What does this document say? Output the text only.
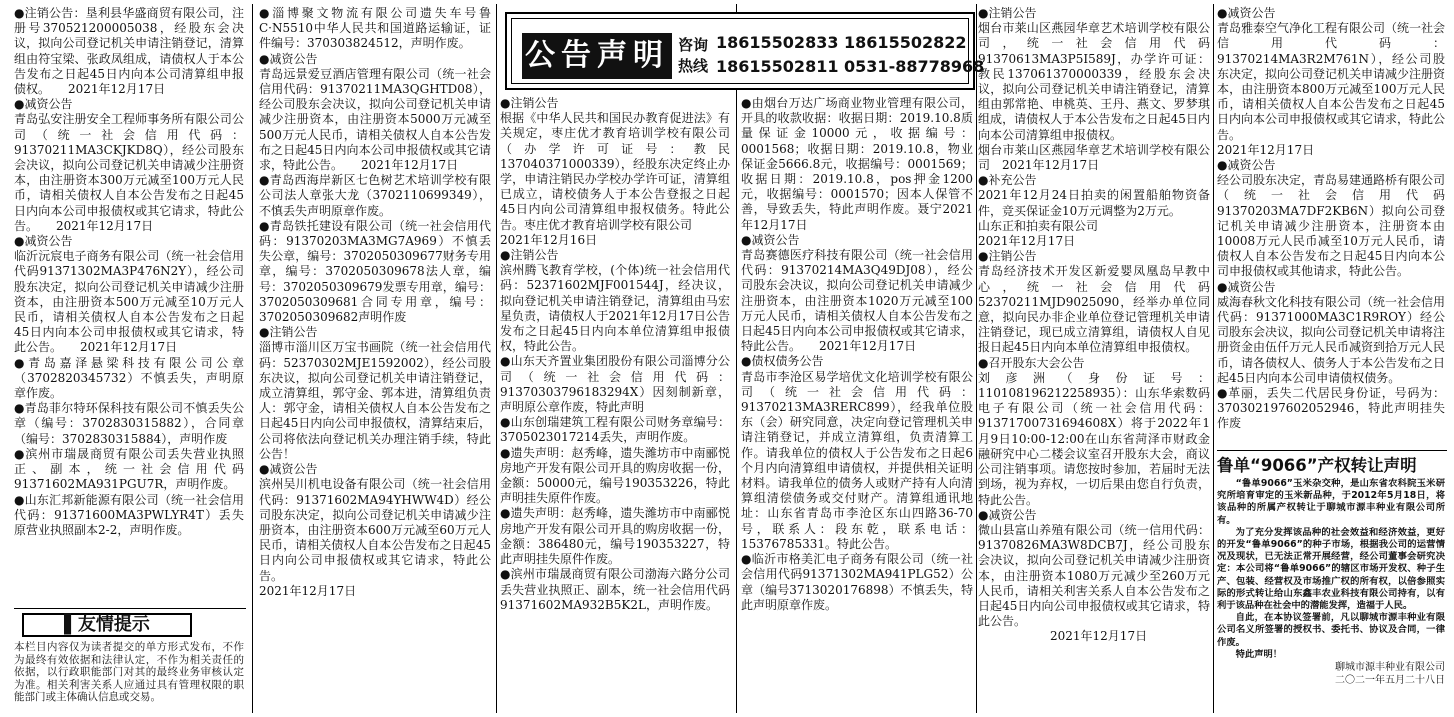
公告声明 咨询热线
18615502833 18615502822
18615502811 0531-88778968

●注销公告：垦利县华盛商贸有限公司，注册号370521200005038，经股东会决议，拟向公司登记机关申请注销登记，清算组由符宝梁、张政凤组成，请债权人于本公告发布之日起45日内向本公司清算组申报债权。　　2021年12月17日

●减资公告

青岛弘安注册安全工程师事务所有限公司公司（统一社会信用代码：91370211MA3CKJKD8Q），经公司股东会决议，拟向公司登记机关申请减少注册资本，由注册资本300万元减至100万元人民币，请相关债权人自本公告发布之日起45日内向本公司申报债权或其它请求，特此公告。　　2021年12月17日

●减资公告

临沂沅宸电子商务有限公司（统一社会信用代码91371302MA3P476N2Y），经公司股东决定，拟向公司登记机关申请减少注册资本，由注册资本500万元减至10万元人民币，请相关债权人自本公告发布之日起45日内向本公司申报债权或其它请求，特此公告。　　2021年12月17日

●青岛嘉泽悬梁科技有限公司公章（3702820345732）不慎丢失，声明原章作废。

●青岛菲尔特环保科技有限公司不慎丢失公章（编号：3702830315882），合同章（编号：3702830315884），声明作废

●滨州市瑞晟商贸有限公司丢失营业执照正、副本，统一社会信用代码91371602MA931PGU7R，声明作废。

●山东汇邦新能源有限公司（统一社会信用代码：91371600MA3PWLYR4T）丢失原营业执照副本2-2，声明作废。

●淄博聚文物流有限公司遗失车号鲁C·N5510中华人民共和国道路运输证，证件编号：370303824512，声明作废。

●减资公告

青岛远景爱豆酒店管理有限公司（统一社会信用代码：91370211MA3QGHTD08），经公司股东会决议，拟向公司登记机关申请减少注册资本，由注册资本5000万元减至500万元人民币，请相关债权人自本公告发布之日起45日内向本公司申报债权或其它请求，特此公告。　　2021年12月17日

●青岛西海岸新区七色树艺术培训学校有限公司法人章张大龙（3702110699349），不慎丢失声明原章作废。

●青岛铁托建设有限公司（统一社会信用代码：91370203MA3MG7A969）不慎丢失公章，编号：3702050309677财务专用章，编号：3702050309678法人章，编号：3702050309679发票专用章，编号：3702050309681合同专用章，编号：3702050309682声明作废

●注销公告

淄博市淄川区万宝书画院（统一社会信用代码：52370302MJE1592002），经公司股东决议，拟向公司登记机关申请注销登记，成立清算组，郭守金、郭本进，清算组负责人：郭守金，请相关债权人自本公告发布之日起45日内向公司申报债权，清算结束后，公司将依法向登记机关办理注销手续，特此公告！

●减资公告

滨州吴川机电设备有限公司（统一社会信用代码：91371602MA94YHWW4D）经公司股东决定，拟向公司登记机关申请减少注册资本，由注册资本600万元减至60万元人民币，请相关债权人自本公告发布之日起45日内向公司申报债权或其它请求，特此公告。

2021年12月17日

●注销公告

根据《中华人民共和国民办教育促进法》有关规定，枣庄优才教育培训学校有限公司（办学许可证号：教民137040371000339），经股东决定终止办学，申请注销民办学校办学许可证，清算组已成立，请校债务人于本公告登报之日起45日内向公司清算组申报权债务。特此公告。枣庄优才教育培训学校有限公司

2021年12月16日

●注销公告

滨州腾飞教育学校，(个体)统一社会信用代码：52371602MJF001544J，经决议，拟向登记机关申请注销登记，清算组由马宏星负责，请债权人于2021年12月17日公告发布之日起45日内向本单位清算组申报债权，特此公告。

●山东天齐置业集团股份有限公司淄博分公司（统一社会信用代码：91370303796183294X）因刻制新章，声明原公章作废，特此声明

●山东创瑞建筑工程有限公司财务章编号：3705023017214丢失，声明作废。

●遗失声明：赵秀峰，遗失潍坊市中南郦悦房地产开发有限公司开具的购房收据一份，金额：50000元，编号190353226，特此声明挂失原件作废。

●遗失声明：赵秀峰，遗失潍坊市中南郦悦房地产开发有限公司开具的购房收据一份，金额：386480元，编号190353227，特此声明挂失原件作废。

●滨州市瑞晟商贸有限公司渤海六路分公司丢失营业执照正、副本，统一社会信用代码91371602MA932B5K2L，声明作废。

●由烟台万达广场商业物业管理有限公司，开具的收款收据：收据日期：2019.10.8质量保证金10000元，收据编号：0001568；收据日期：2019.10.8，物业保证金5666.8元，收据编号：0001569；收据日期：2019.10.8，pos押金1200元，收据编号：0001570；因本人保管不善，导致丢失，特此声明作废。聂宁2021年12月17日

●减资公告

青岛赛德医疗科技有限公司（统一社会信用代码：91370214MA3Q49DJ08），经公司股东会决议，拟向公司登记机关申请减少注册资本，由注册资本1020万元减至100万元人民币，请相关债权人自本公告发布之日起45日内向本公司申报债权或其它请求，特此公告。　　2021年12月17日

●债权债务公告

青岛市李沧区易学培优文化培训学校有限公司（统一社会信用代码：91370213MA3RERC899），经我单位股东（会）研究同意，决定向登记管理机关申请注销登记，并成立清算组，负责清算工作。请我单位的债权人于公告发布之日起6个月内向清算组申请债权，并提供相关证明材料。请我单位的债务人或财产持有人向清算组清偿债务或交付财产。清算组通讯地址：山东省青岛市李沧区东山四路36-70号，联系人：段东乾，联系电话：15376785331。特此公告。

●临沂市格美汇电子商务有限公司（统一社会信用代码91371302MA941PLG52）公章（编号3713020176898）不慎丢失，特此声明原章作废。

●注销公告

烟台市莱山区燕园华章艺术培训学校有限公司，统一社会信用代码91370613MA3P5I589J，办学许可证：教民137061370000339，经股东会决议，拟向公司登记机关申请注销登记，清算组由郭常艳、申桃英、王丹、燕文、罗梦琪组成，请债权人于本公告发布之日起45日内向本公司清算组申报债权。

烟台市莱山区燕园华章艺术培训学校有限公司　2021年12月17日

●补充公告

2021年12月24日拍卖的闲置船舶物资备件，竞买保证金10万元调整为2万元。

山东正和拍卖有限公司

2021年12月17日

●注销公告

青岛经济技术开发区新爱婴凤凰岛早教中心，统一社会信用代码52370211MJD9025090，经举办单位同意，拟向民办非企业单位登记管理机关申请注销登记，现已成立清算组，请债权人自见报日起45日内向本单位清算组申报债权。

●召开股东大会公告

刘彦洲（身份证号：110108196212258935）：山东华索数码电子有限公司（统一社会信用代码：91371700731694608X）将于2022年1月9日10:00-12:00在山东省菏泽市财政金融研究中心二楼会议室召开股东大会，商议公司注销事项。请您按时参加，若届时无法到场，视为弃权，一切后果由您自行负责，特此公告。

●减资公告

微山县富山养殖有限公司（统一信用代码：91370826MA3W8DCB7J，经公司股东会决议，拟向公司登记机关申请减少注册资本，由注册资本1080万元减少至260万元人民币，请相关利害关系人自本公告发布之日起45日内向公司申报债权或其它请求，特此公告。

　　　　　　2021年12月17日

●减资公告

青岛雅泰空气净化工程有限公司（统一社会信用代码：91370214MA3R2M761N），经公司股东决定，拟向公司登记机关申请减少注册资本，由注册资本800万元减至100万元人民币，请相关债权人自本公告发布之日起45日内向本公司申报债权或其它请求，特此公告。

2021年12月17日

●减资公告

经公司股东决定，青岛易建通路桥有限公司（统一社会信用代码91370203MA7DF2KB6N）拟向公司登记机关申请减少注册资本，注册资本由10008万元人民币减至10万元人民币，请债权人自本公告发布之日起45日内向本公司申报债权或其他请求，特此公告。

●减资公告

威海春秋文化科技有限公司（统一社会信用代码：91371000MA3C1R9ROY）经公司股东会决议，拟向公司登记机关申请将注册资金由伍仟万元人民币减资到拾万元人民币，请各债权人、债务人于本公告发布之日起45日内向本公司申请债权债务。

●革丽，丢失二代居民身份证，号码为：370302197602052946，特此声明挂失作废

▌友情提示
本栏目内容仅为读者提交的单方形式发布，不作为最终有效依据和法律认定，不作为相关责任的依据，以行政职能部门对其的最终业务审核认定为准。相关利害关系人应通过具有管理权限的职能部门或主体确认信息或交易。
鲁单“9066”产权转让声明

“鲁单9066”玉米杂交种，是山东省农科院玉米研究所培育审定的玉米新品种，于2012年5月18日，将该品种的所属产权转让于聊城市源丰种业有限公司所有。

为了充分发挥该品种的社会效益和经济效益，更好的开发“鲁单9066”的种子市场，根据我公司的运营情况及现状，已无法正常开展经营，经公司董事会研究决定：本公司将“鲁单9066”的辖区市场开发权、种子生产、包装、经营权及市场推广权的所有权，以倍参照实际的形式转让给山东鑫丰农业科技有限公司持有，以有利于该品种在社会中的潜能发挥，造福于人民。

自此，在本协议签署前，凡以聊城市源丰种业有限公司名义所签署的授权书、委托书、协议及合同，一律作废。

特此声明！

聊城市源丰种业有限公司
二〇二一年五月二十八日
